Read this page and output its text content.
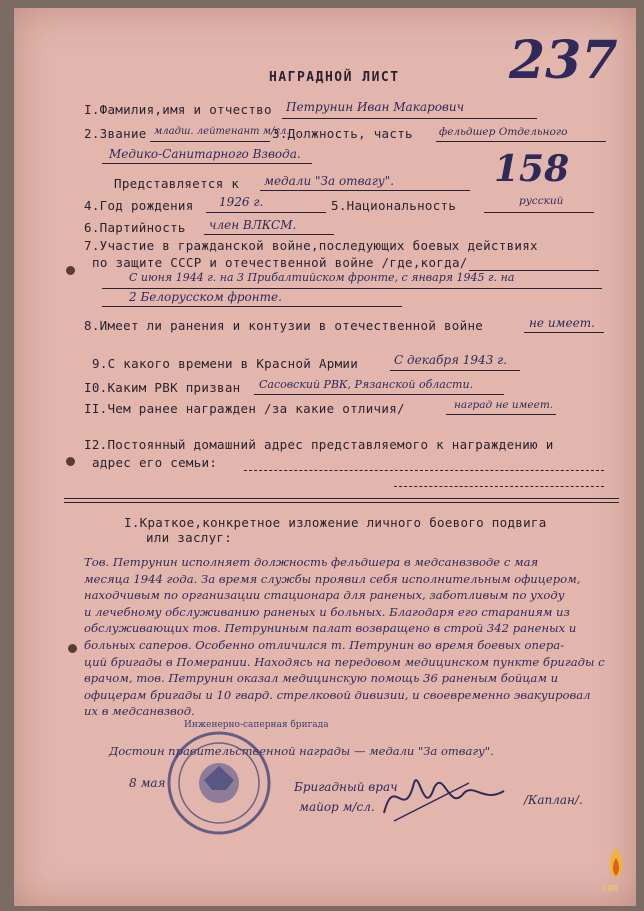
НАГРАДНОЙ ЛИСТ 237
158
I.Фамилия,имя и отчество Петрунин Иван Макарович
2.Звание младш. лейтенант м/сл.
3.Должность, часть фельдшер Отдельного
Медико-Санитарного Взвода.
Представляется к медали "За отвагу".
4.Год рождения 1926 г.	5.Национальность	русский
6.Партийность член ВЛКСМ.
7.Участие в гражданской войне,последующих боевых действиях
по защите СССР и отечественной войне /где,когда/
С июня 1944 г. на 3 Прибалтийском фронте, с января 1945 г. на
2 Белорусском фронте.
8.Имеет ли ранения и контузии в отечественной войне	не имеет.
9.С какого времени в Красной Армии	С декабря 1943 г.
I0.Каким РВК призван Сасовский РВК, Рязанской области.
II.Чем ранее награжден /за какие отличия/	наград не имеет.
I2.Постоянный домашний адрес представляемого к награждению и
адрес его семьи:
I.Краткое,конкретное изложение личного боевого подвига
или заслуг:
Тов. Петрунин исполняет должность фельдшера в медсанвзводе с мая
месяца 1944 года. За время службы проявил себя исполнительным офицером,
находчивым по организации стационара для раненых, заботливым по уходу
и лечебному обслуживанию раненых и больных. Благодаря его стараниям из
обслуживающих тов. Петруниным палат возвращено в строй 342 раненых и
больных саперов. Особенно отличился т. Петрунин во время боевых опера-
ций бригады в Померании. Находясь на передовом медицинском пункте бригады с
врачом, тов. Петрунин оказал медицинскую помощь 36 раненым бойцам и
офицерам бригады и 10 гвард. стрелковой дивизии, и своевременно эвакуировал
их в медсанвзвод.
Достоин правительственной награды — медали "За отвагу".
Инженерно-саперная бригада
8 мая	Бригадный врач
майор м/сл.	/Каплан/.
CDR
